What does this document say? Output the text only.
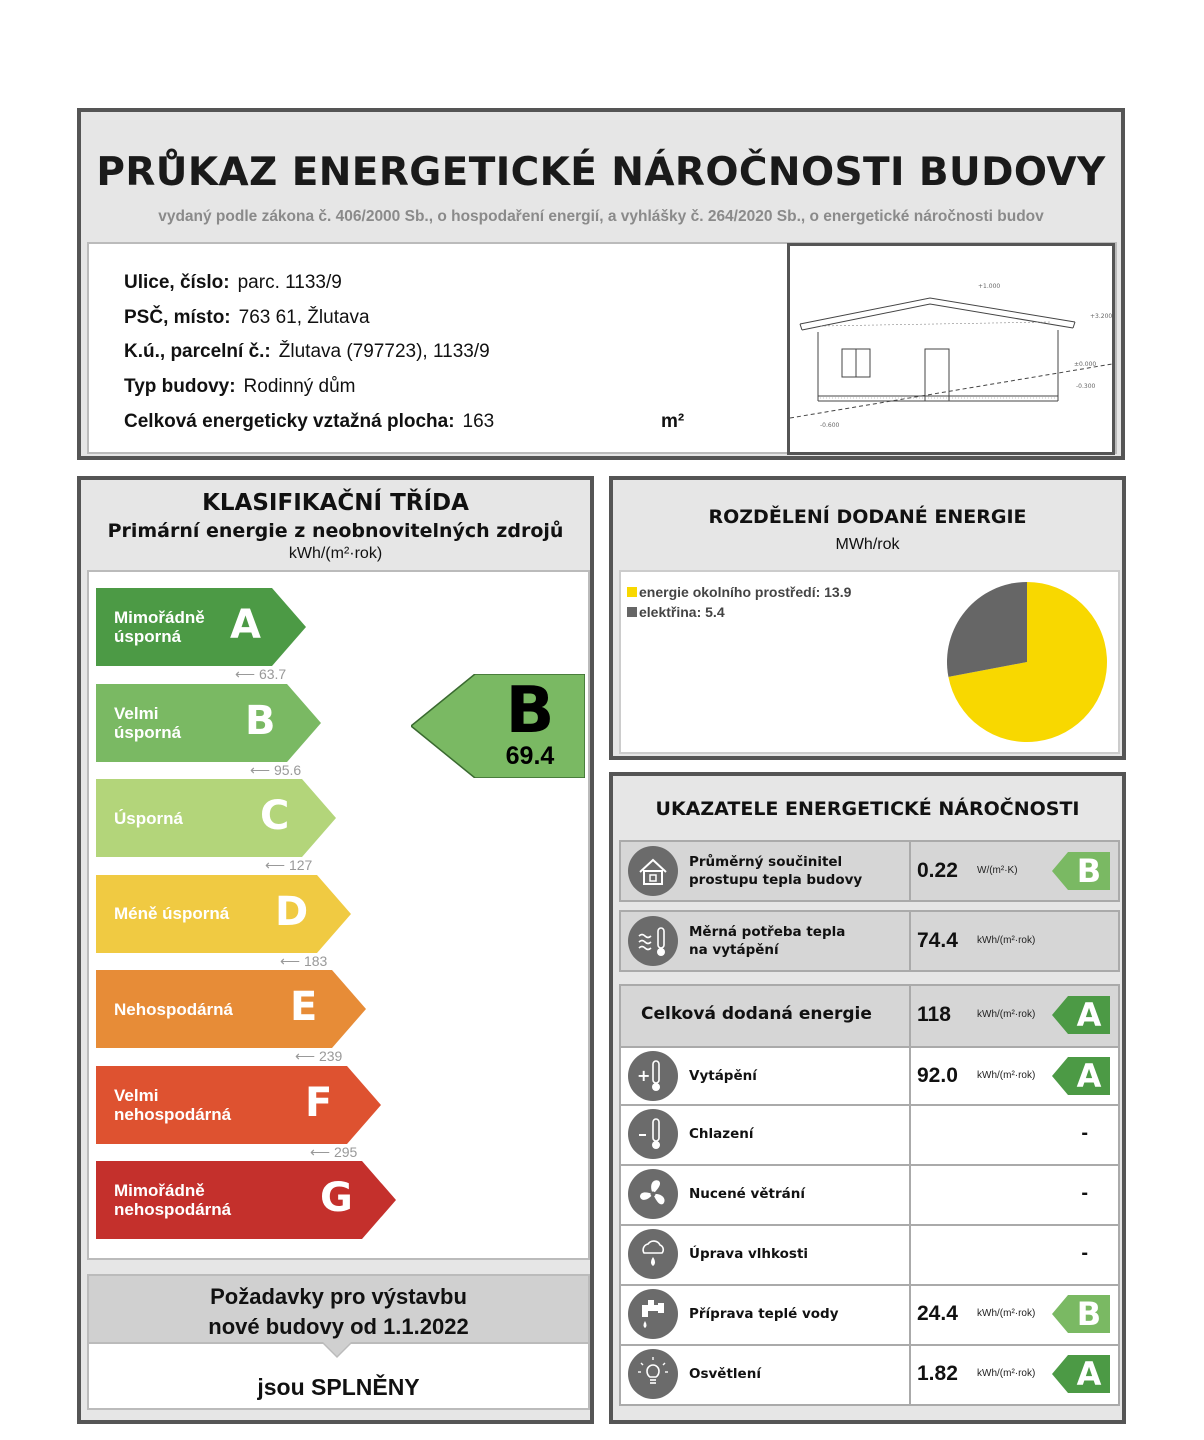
PRŮKAZ ENERGETICKÉ NÁROČNOSTI BUDOVY
vydaný podle zákona č. 406/2000 Sb., o hospodaření energií, a vyhlášky č. 264/2020 Sb., o energetické náročnosti budov
Ulice, číslo: parc. 1133/9
PSČ, místo: 763 61, Žlutava
K.ú., parcelní č.: Žlutava (797723), 1133/9
Typ budovy: Rodinný dům
Celková energeticky vztažná plocha: 163	m²
+1.000
+3.200
±0.000
-0.300
-0.600
KLASIFIKAČNÍ TŘÍDA
Primární energie z neobnovitelných zdrojů
kWh/(m²·rok)
Mimořádně
úsporná	A
⟵ 63.7
Velmi
úsporná B
⟵ 95.6
Úsporná C
⟵ 127
Méně úsporná D
⟵ 183
Nehospodárná E
⟵ 239
Velmi
nehospodárná F
⟵ 295
Mimořádně
nehospodárná G
B
69.4
Požadavky pro výstavbu
nové budovy od 1.1.2022
jsou SPLNĚNY
ROZDĚLENÍ DODANÉ ENERGIE
MWh/rok
energie okolního prostředí: 13.9
elektřina: 5.4
UKAZATELE ENERGETICKÉ NÁROČNOSTI
Průměrný součinitel
prostupu tepla budovy	0.22 W/(m²·K) B
Měrná potřeba tepla
na vytápění	74.4 kWh/(m²·rok)
Celková dodaná energie 118	kWh/(m²·rok) A
+	Vytápění	92.0 kWh/(m²·rok) A
Chlazení	-
Nucené větrání	-
Úprava vlhkosti	-
Příprava teplé vody	24.4 kWh/(m²·rok) B
Osvětlení	1.82 kWh/(m²·rok) A
